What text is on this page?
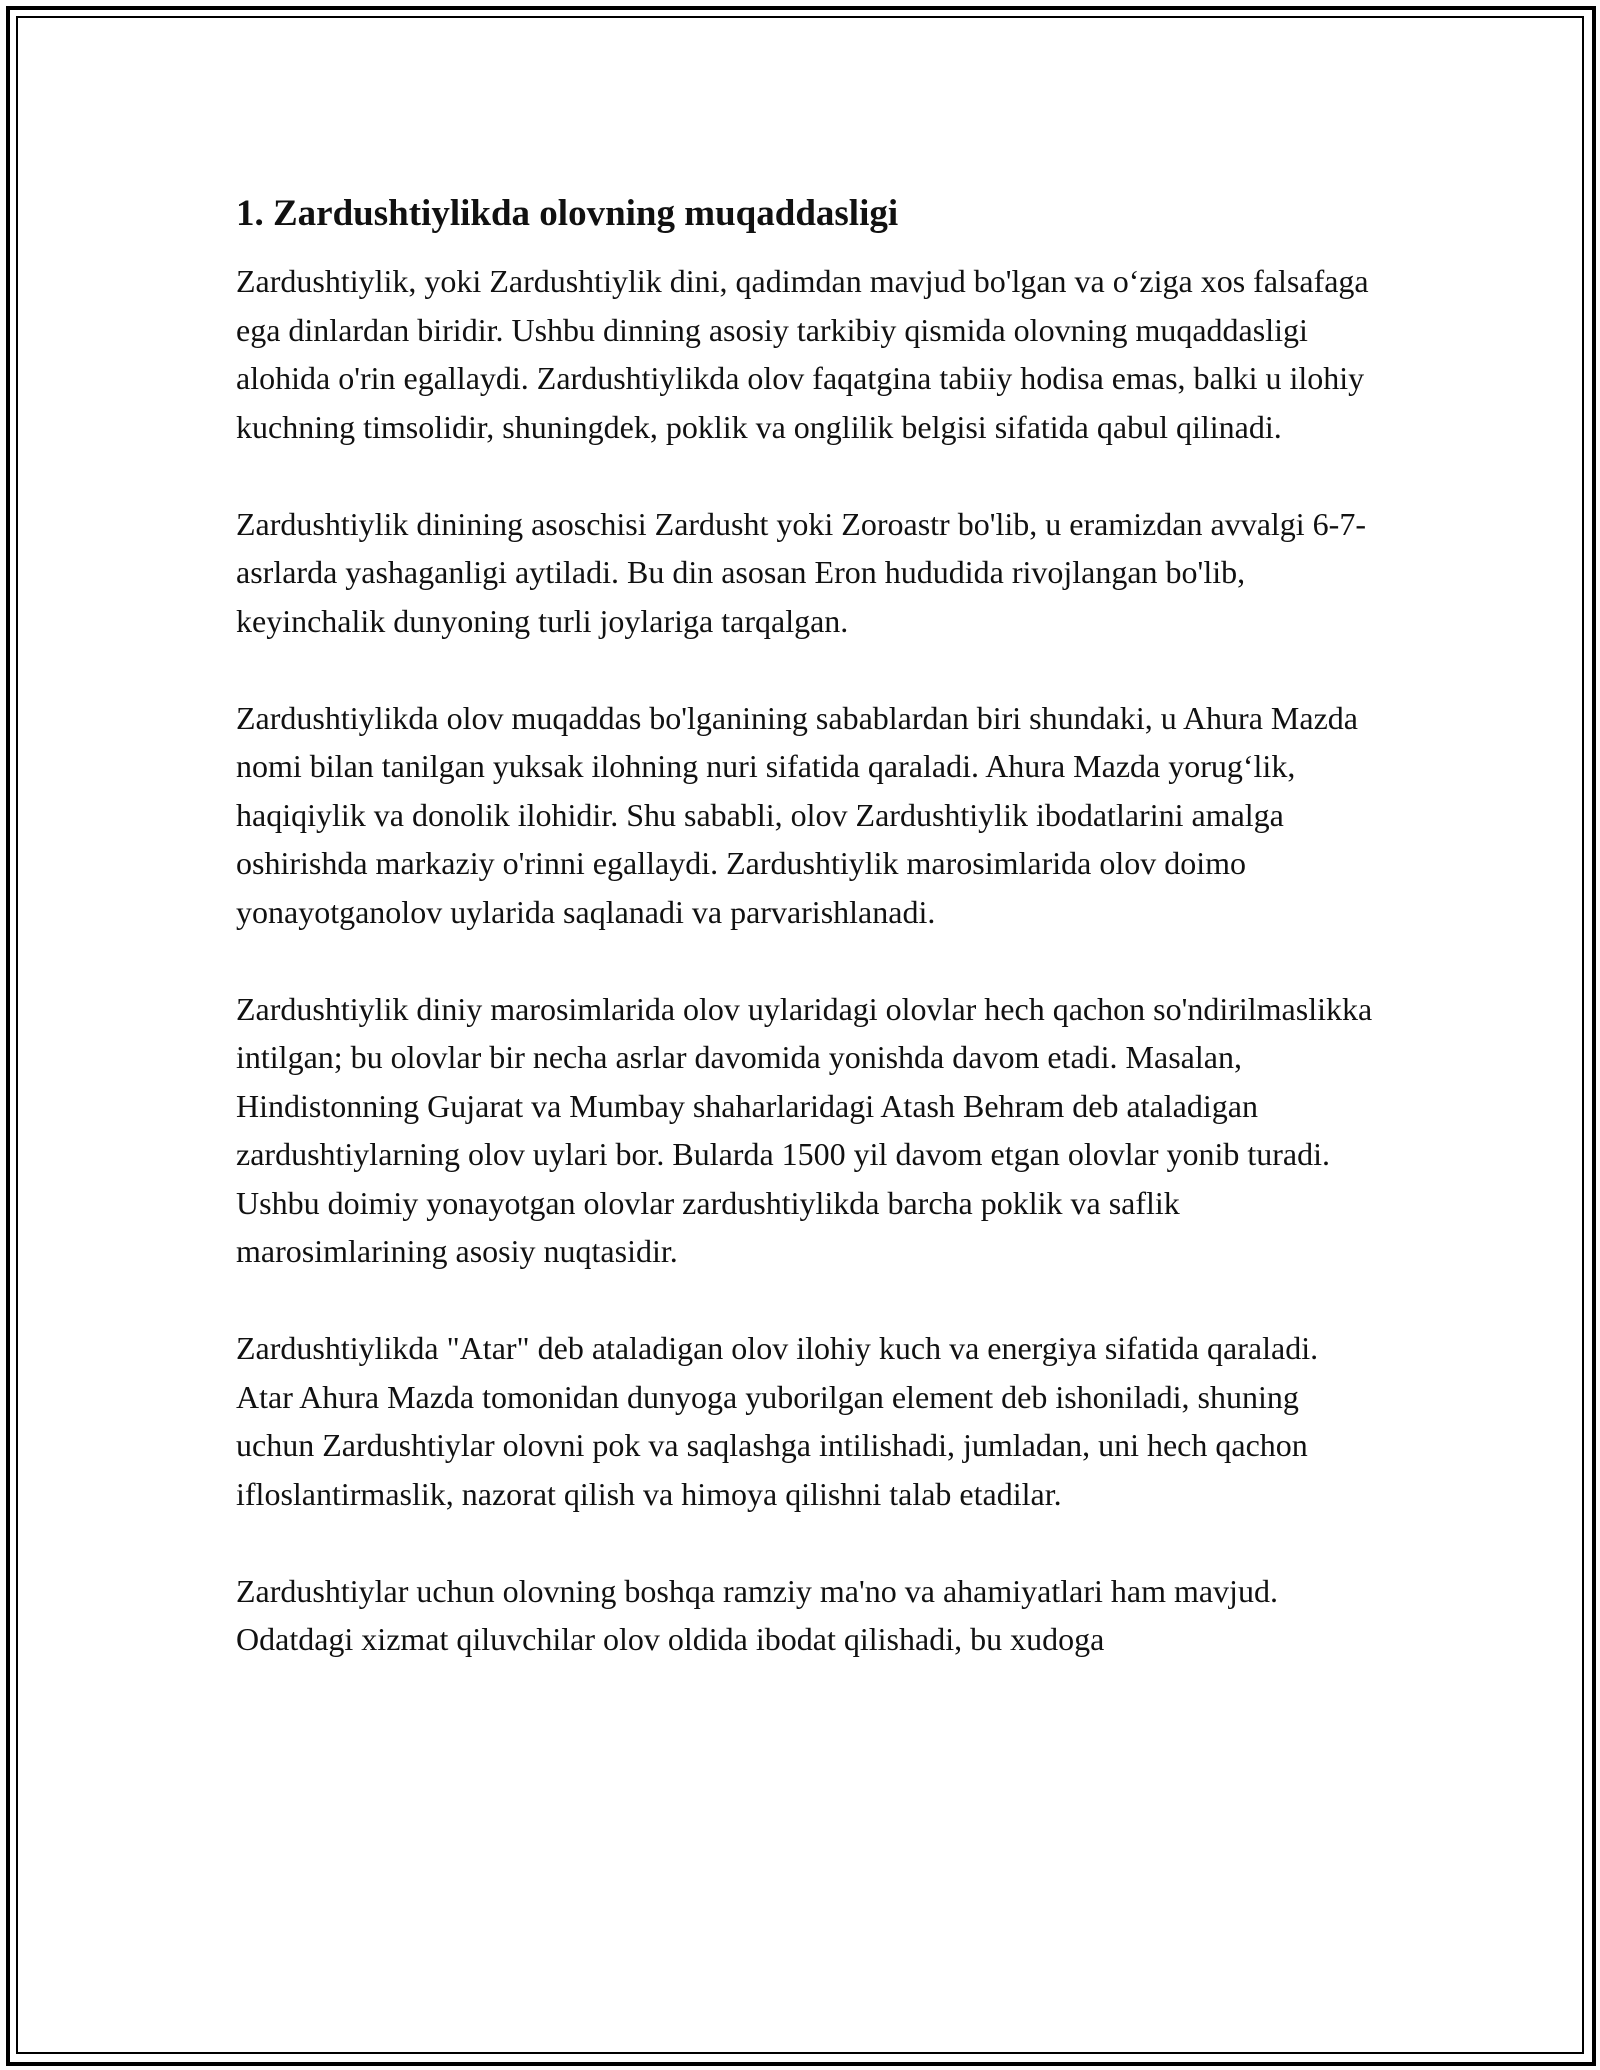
1. Zardushtiylikda olovning muqaddasligi

Zardushtiylik, yoki Zardushtiylik dini, qadimdan mavjud bo'lgan va o‘ziga xos falsafaga ega dinlardan biridir. Ushbu dinning asosiy tarkibiy qismida olovning muqaddasligi alohida o'rin egallaydi. Zardushtiylikda olov faqatgina tabiiy hodisa emas, balki u ilohiy kuchning timsolidir, shuningdek, poklik va onglilik belgisi sifatida qabul qilinadi.

Zardushtiylik dinining asoschisi Zardusht yoki Zoroastr bo'lib, u eramizdan avvalgi 6-7-asrlarda yashaganligi aytiladi. Bu din asosan Eron hududida rivojlangan bo'lib, keyinchalik dunyoning turli joylariga tarqalgan.

Zardushtiylikda olov muqaddas bo'lganining sabablardan biri shundaki, u Ahura Mazda nomi bilan tanilgan yuksak ilohning nuri sifatida qaraladi. Ahura Mazda yorug‘lik, haqiqiylik va donolik ilohidir. Shu sababli, olov Zardushtiylik ibodatlarini amalga oshirishda markaziy o'rinni egallaydi. Zardushtiylik marosimlarida olov doimo yonayotganolov uylarida saqlanadi va parvarishlanadi.

Zardushtiylik diniy marosimlarida olov uylaridagi olovlar hech qachon so'ndirilmaslikka intilgan; bu olovlar bir necha asrlar davomida yonishda davom etadi. Masalan, Hindistonning Gujarat va Mumbay shaharlaridagi Atash Behram deb ataladigan zardushtiylarning olov uylari bor. Bularda 1500 yil davom etgan olovlar yonib turadi. Ushbu doimiy yonayotgan olovlar zardushtiylikda barcha poklik va saflik marosimlarining asosiy nuqtasidir.

Zardushtiylikda "Atar" deb ataladigan olov ilohiy kuch va energiya sifatida qaraladi. Atar Ahura Mazda tomonidan dunyoga yuborilgan element deb ishoniladi, shuning uchun Zardushtiylar olovni pok va saqlashga intilishadi, jumladan, uni hech qachon ifloslantirmaslik, nazorat qilish va himoya qilishni talab etadilar.

Zardushtiylar uchun olovning boshqa ramziy ma'no va ahamiyatlari ham mavjud. Odatdagi xizmat qiluvchilar olov oldida ibodat qilishadi, bu xudoga
